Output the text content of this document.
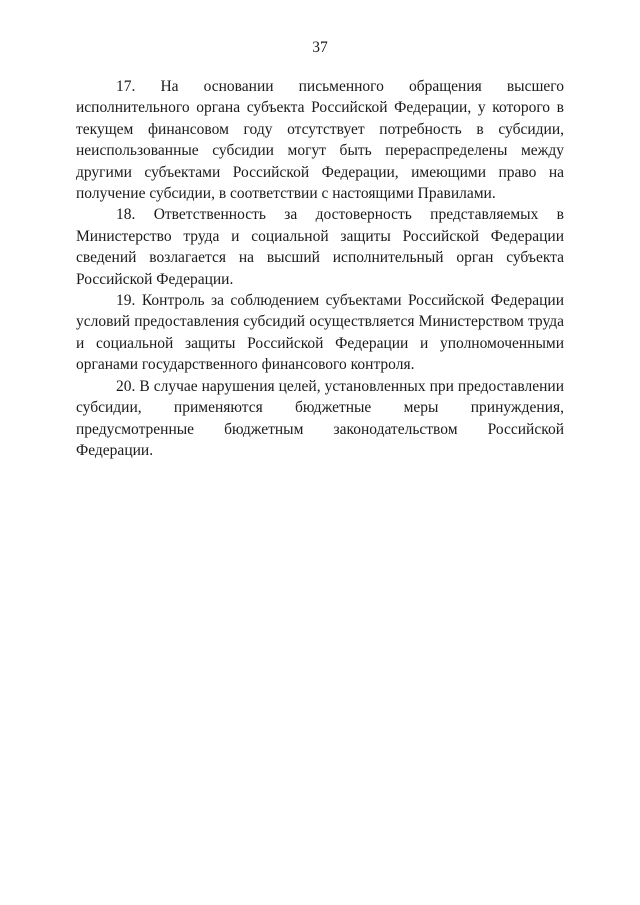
37

17. На основании письменного обращения высшего исполнительного органа субъекта Российской Федерации, у которого в текущем финансовом году отсутствует потребность в субсидии, неиспользованные субсидии могут быть перераспределены между другими субъектами Российской Федерации, имеющими право на получение субсидии, в соответствии с настоящими Правилами.

18. Ответственность за достоверность представляемых в Министерство труда и социальной защиты Российской Федерации сведений возлагается на высший исполнительный орган субъекта Российской Федерации.

19. Контроль за соблюдением субъектами Российской Федерации условий предоставления субсидий осуществляется Министерством труда и социальной защиты Российской Федерации и уполномоченными органами государственного финансового контроля.

20. В случае нарушения целей, установленных при предоставлении субсидии, применяются бюджетные меры принуждения, предусмотренные бюджетным законодательством Российской Федерации.
